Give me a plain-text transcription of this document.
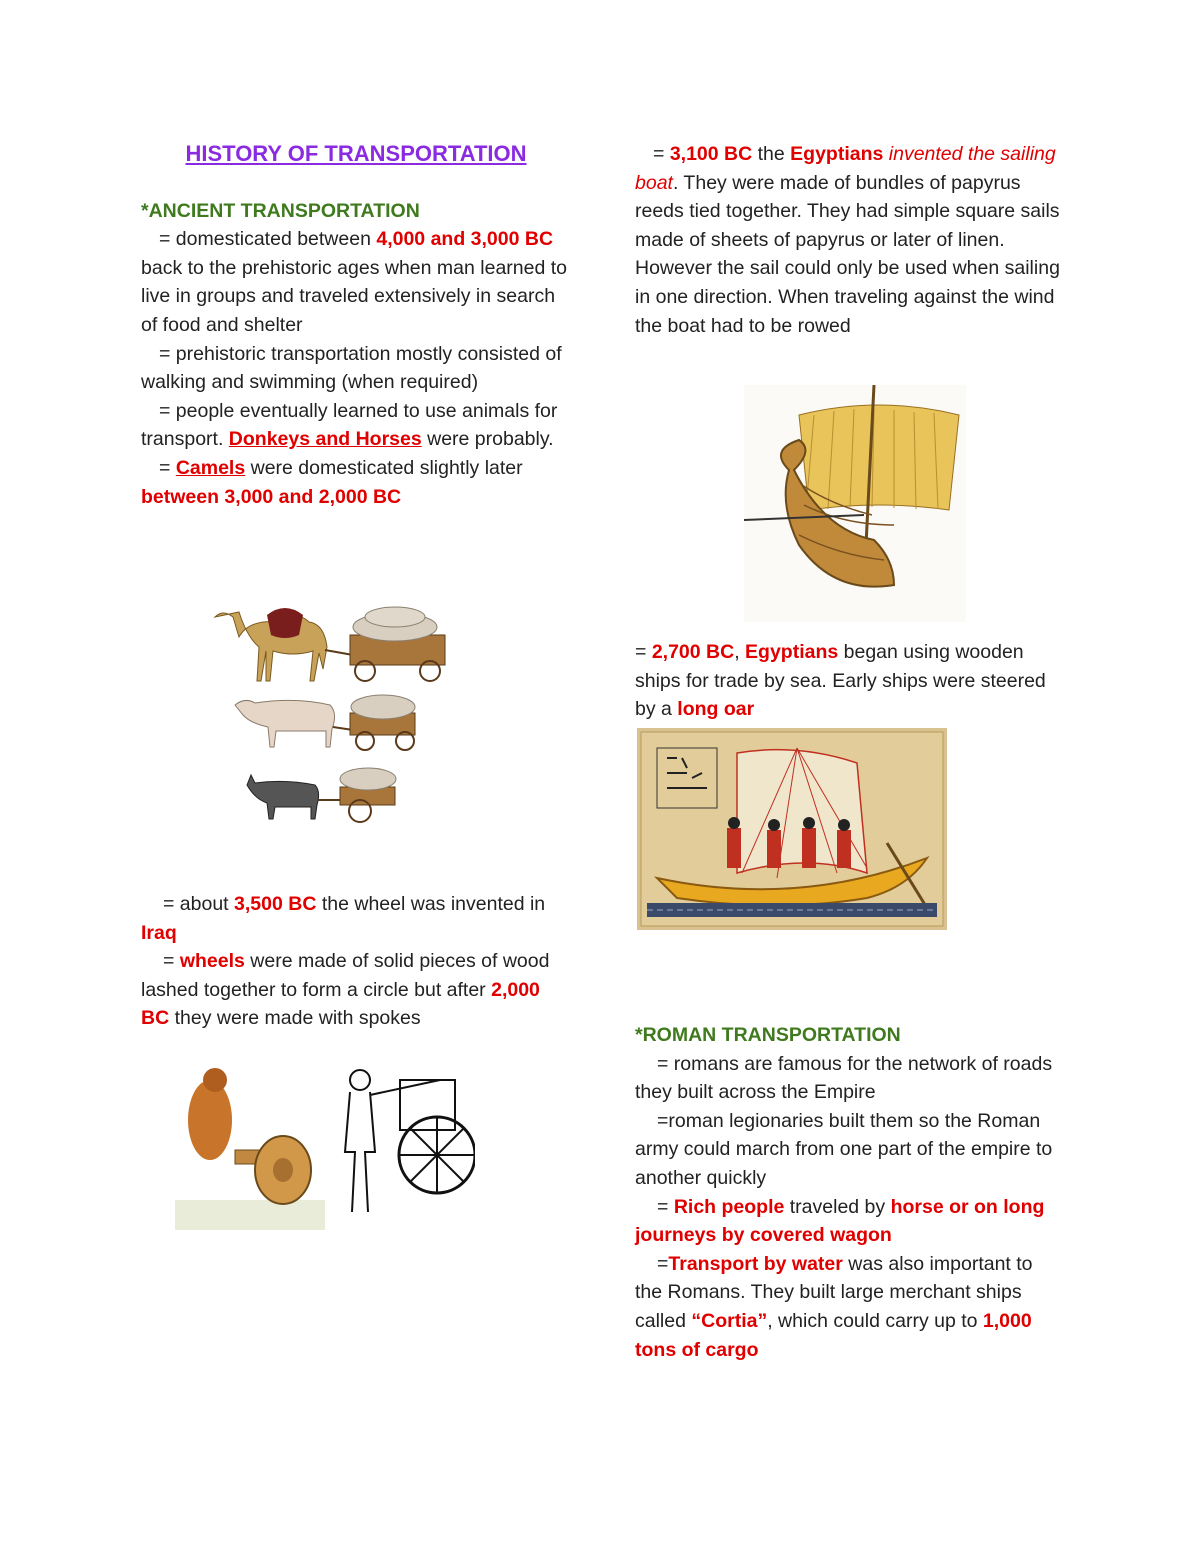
HISTORY OF TRANSPORTATION

*ANCIENT TRANSPORTATION

= domesticated between 4,000 and 3,000 BC back to the prehistoric ages when man learned to live in groups and traveled extensively in search of food and shelter

= prehistoric transportation mostly consisted of walking and swimming (when required)

= people eventually learned to use animals for transport. Donkeys and Horses were probably.

= Camels were domesticated slightly later between 3,000 and 2,000 BC

= about 3,500 BC the wheel was invented in Iraq

= wheels were made of solid pieces of wood lashed together to form a circle but after 2,000 BC they were made with spokes

= 3,100 BC the Egyptians invented the sailing boat. They were made of bundles of papyrus reeds tied together. They had simple square sails made of sheets of papyrus or later of linen. However the sail could only be used when sailing in one direction. When traveling against the wind the boat had to be rowed

= 2,700 BC, Egyptians began using wooden ships for trade by sea. Early ships were steered by a long oar

*ROMAN TRANSPORTATION

= romans are famous for the network of roads they built across the Empire

=roman legionaries built them so the Roman army could march from one part of the empire to another quickly

= Rich people traveled by horse or on long journeys by covered wagon

=Transport by water was also important to the Romans. They built large merchant ships called “Cortia”, which could carry up to 1,000 tons of cargo
